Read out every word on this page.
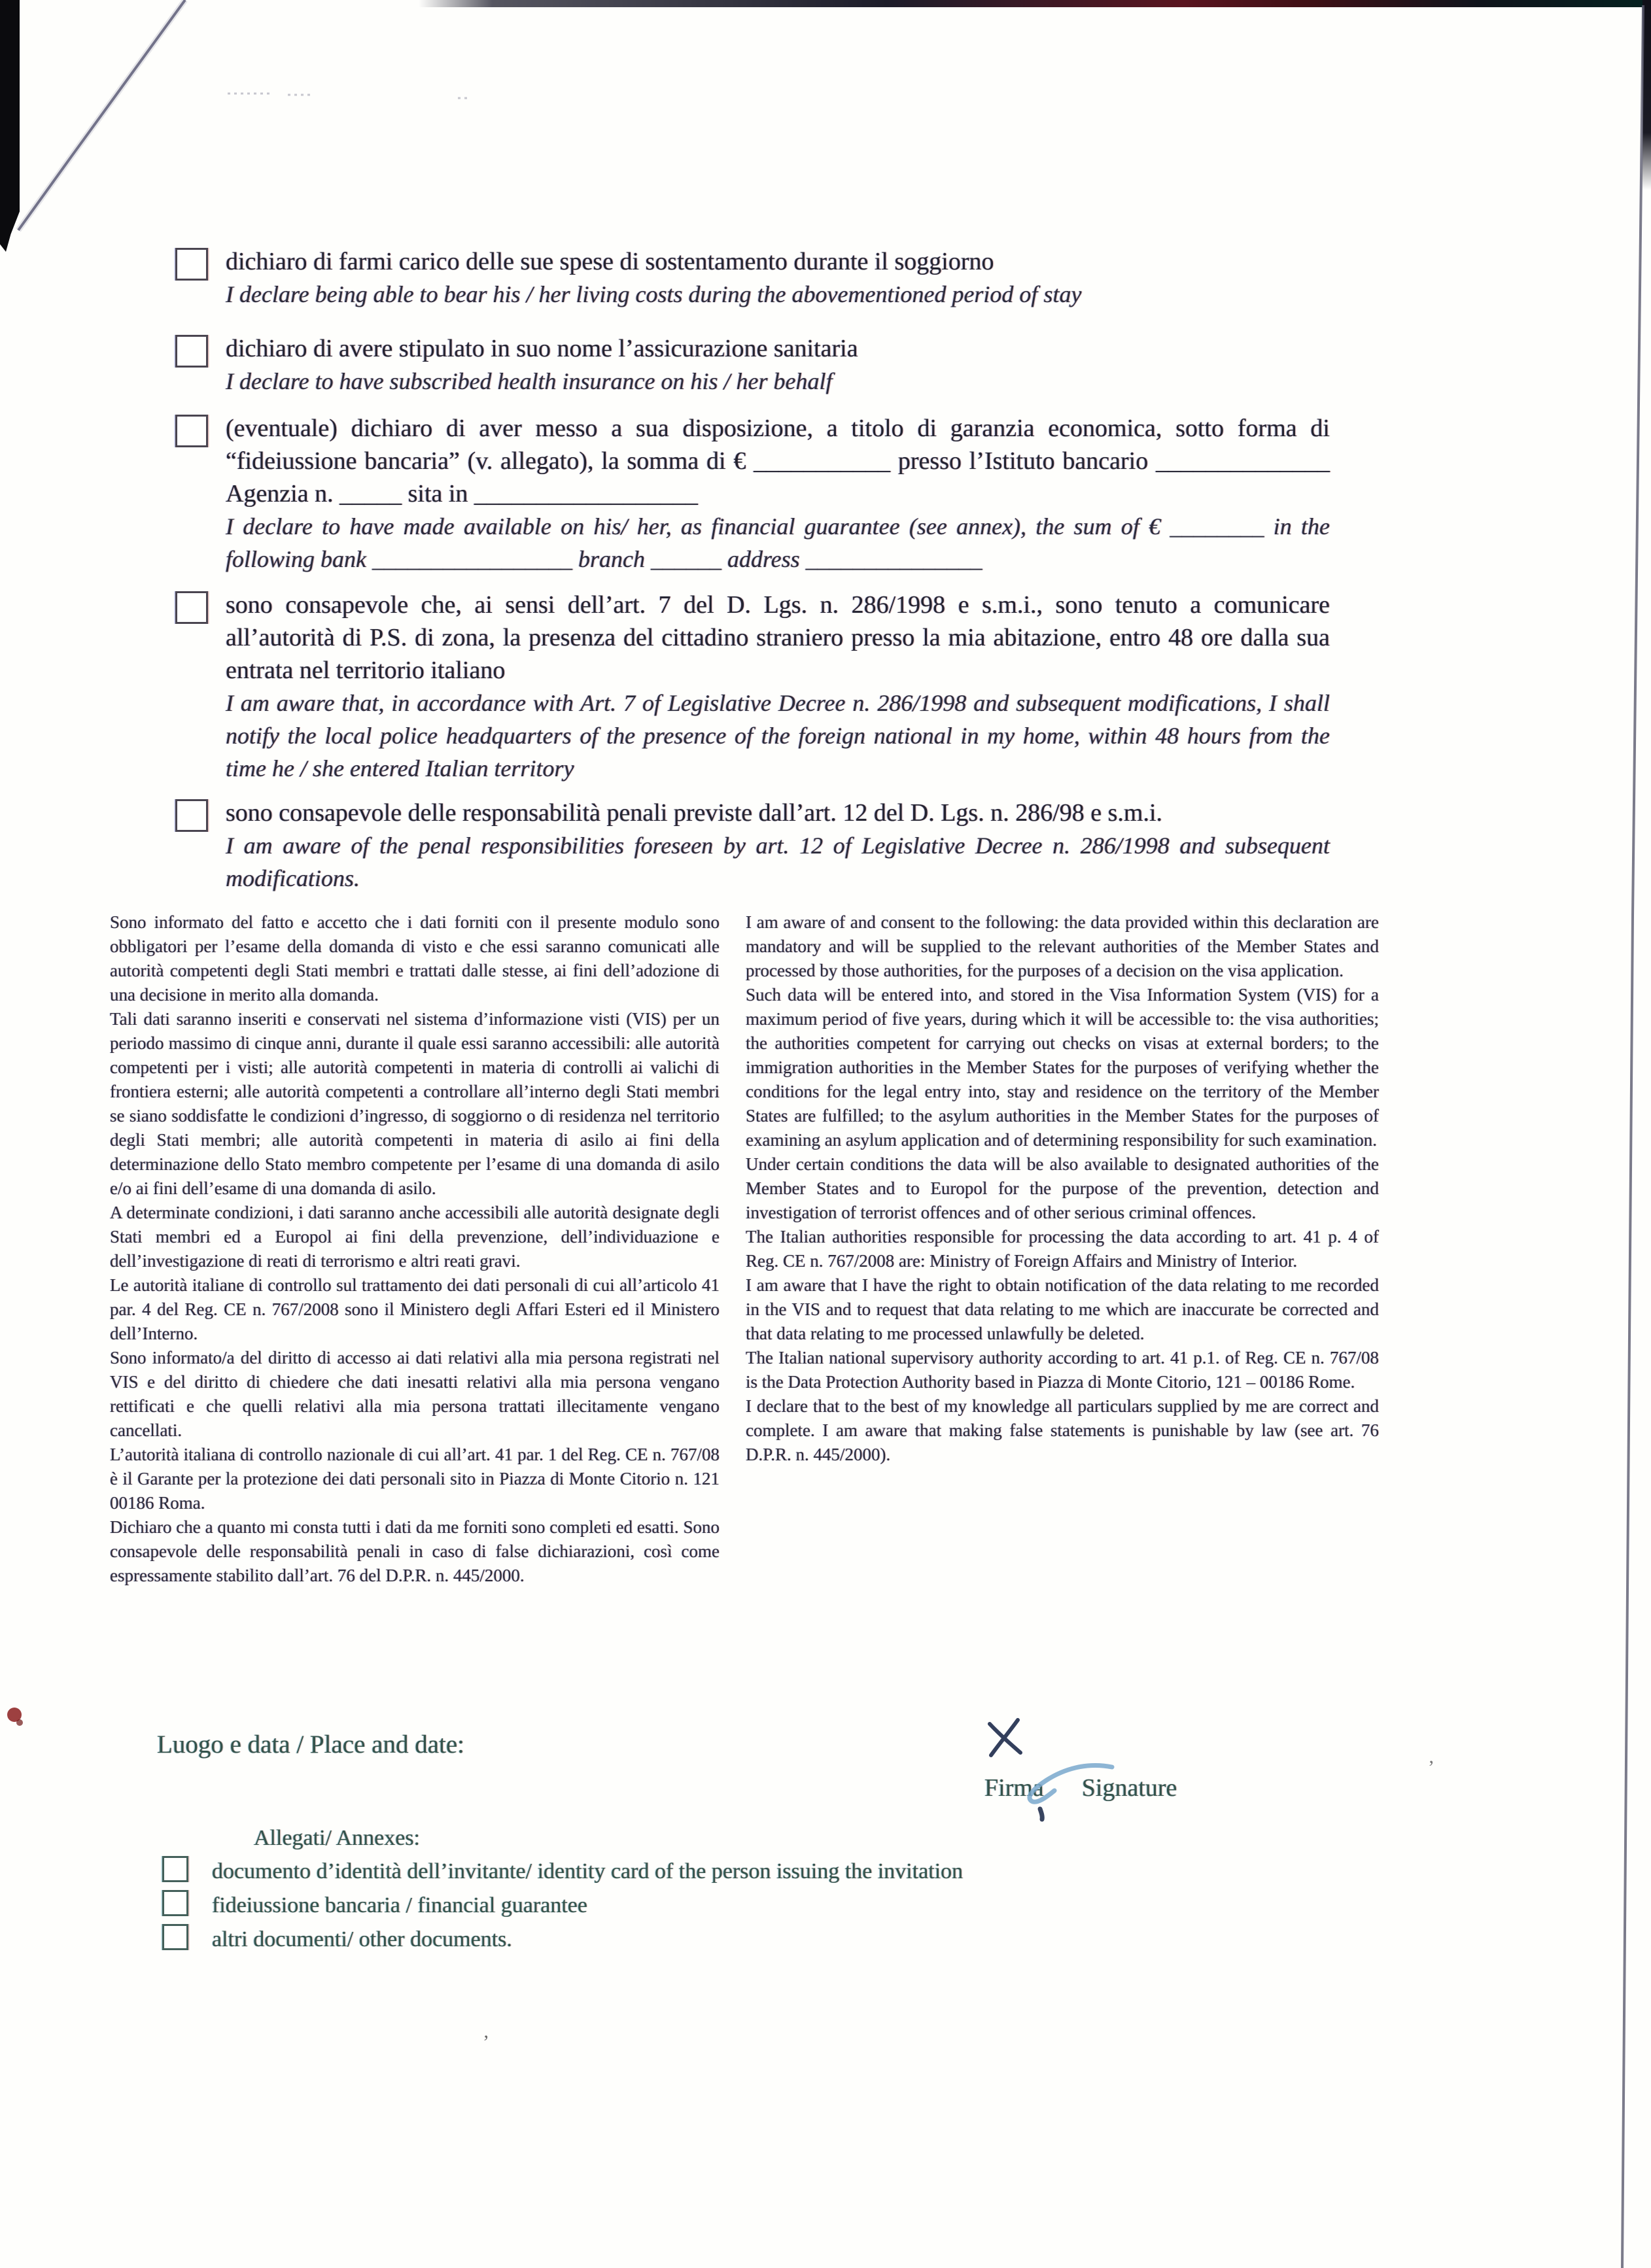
dichiaro di farmi carico delle sue spese di sostentamento durante il soggiorno

I declare being able to bear his / her living costs during the abovementioned period of stay

dichiaro di avere stipulato in suo nome l’assicurazione sanitaria

I declare to have subscribed health insurance on his / her behalf

(eventuale) dichiaro di aver messo a sua disposizione, a titolo di garanzia economica, sotto forma di “fideiussione bancaria” (v. allegato), la somma di € ___________ presso l’Istituto bancario ______________ Agenzia n. _____ sita in __________________

I declare to have made available on his/ her, as financial guarantee (see annex), the sum of € ________ in the following bank _________________ branch ______ address _______________

sono consapevole che, ai sensi dell’art. 7 del D. Lgs. n. 286/1998 e s.m.i., sono tenuto a comunicare all’autorità di P.S. di zona, la presenza del cittadino straniero presso la mia abitazione, entro 48 ore dalla sua entrata nel territorio italiano

I am aware that, in accordance with Art. 7 of Legislative Decree n. 286/1998 and subsequent modifications, I shall notify the local police headquarters of the presence of the foreign national in my home, within 48 hours from the time he / she entered Italian territory

sono consapevole delle responsabilità penali previste dall’art. 12 del D. Lgs. n. 286/98 e s.m.i.

I am aware of the penal responsibilities foreseen by art. 12 of Legislative Decree n. 286/1998 and subsequent modifications.

Sono informato del fatto e accetto che i dati forniti con il presente modulo sono obbligatori per l’esame della domanda di visto e che essi saranno comunicati alle autorità competenti degli Stati membri e trattati dalle stesse, ai fini dell’adozione di una decisione in merito alla domanda.

Tali dati saranno inseriti e conservati nel sistema d’informazione visti (VIS) per un periodo massimo di cinque anni, durante il quale essi saranno accessibili: alle autorità competenti per i visti; alle autorità competenti in materia di controlli ai valichi di frontiera esterni; alle autorità competenti a controllare all’interno degli Stati membri se siano soddisfatte le condizioni d’ingresso, di soggiorno o di residenza nel territorio degli Stati membri; alle autorità competenti in materia di asilo ai fini della determinazione dello Stato membro competente per l’esame di una domanda di asilo e/o ai fini dell’esame di una domanda di asilo.

A determinate condizioni, i dati saranno anche accessibili alle autorità designate degli Stati membri ed a Europol ai fini della prevenzione, dell’individuazione e dell’investigazione di reati di terrorismo e altri reati gravi.

Le autorità italiane di controllo sul trattamento dei dati personali di cui all’articolo 41 par. 4 del Reg. CE n. 767/2008 sono il Ministero degli Affari Esteri ed il Ministero dell’Interno.

Sono informato/a del diritto di accesso ai dati relativi alla mia persona registrati nel VIS e del diritto di chiedere che dati inesatti relativi alla mia persona vengano rettificati e che quelli relativi alla mia persona trattati illecitamente vengano cancellati.

L’autorità italiana di controllo nazionale di cui all’art. 41 par. 1 del Reg. CE n. 767/08 è il Garante per la protezione dei dati personali sito in Piazza di Monte Citorio n. 121 00186 Roma.

Dichiaro che a quanto mi consta tutti i dati da me forniti sono completi ed esatti. Sono consapevole delle responsabilità penali in caso di false dichiarazioni, così come espressamente stabilito dall’art. 76 del D.P.R. n. 445/2000.

I am aware of and consent to the following: the data provided within this declaration are mandatory and will be supplied to the relevant authorities of the Member States and processed by those authorities, for the purposes of a decision on the visa application.

Such data will be entered into, and stored in the Visa Information System (VIS) for a maximum period of five years, during which it will be accessible to: the visa authorities; the authorities competent for carrying out checks on visas at external borders; to the immigration authorities in the Member States for the purposes of verifying whether the conditions for the legal entry into, stay and residence on the territory of the Member States are fulfilled; to the asylum authorities in the Member States for the purposes of examining an asylum application and of determining responsibility for such examination.

Under certain conditions the data will be also available to designated authorities of the Member States and to Europol for the purpose of the prevention, detection and investigation of terrorist offences and of other serious criminal offences.

The Italian authorities responsible for processing the data according to art. 41 p. 4 of Reg. CE n. 767/2008 are: Ministry of Foreign Affairs and Ministry of Interior.

I am aware that I have the right to obtain notification of the data relating to me recorded in the VIS and to request that data relating to me which are inaccurate be corrected and that data relating to me processed unlawfully be deleted.

The Italian national supervisory authority according to art. 41 p.1. of Reg. CE n. 767/08 is the Data Protection Authority based in Piazza di Monte Citorio, 121 – 00186 Rome.

I declare that to the best of my knowledge all particulars supplied by me are correct and complete. I am aware that making false statements is punishable by law (see art. 76 D.P.R. n. 445/2000).

Luogo e data / Place and date:
Firma Signature
Allegati/ Annexes:
documento d’identità dell’invitante/ identity card of the person issuing the invitation
fideiussione bancaria / financial guarantee
altri documenti/ other documents.
’
’
